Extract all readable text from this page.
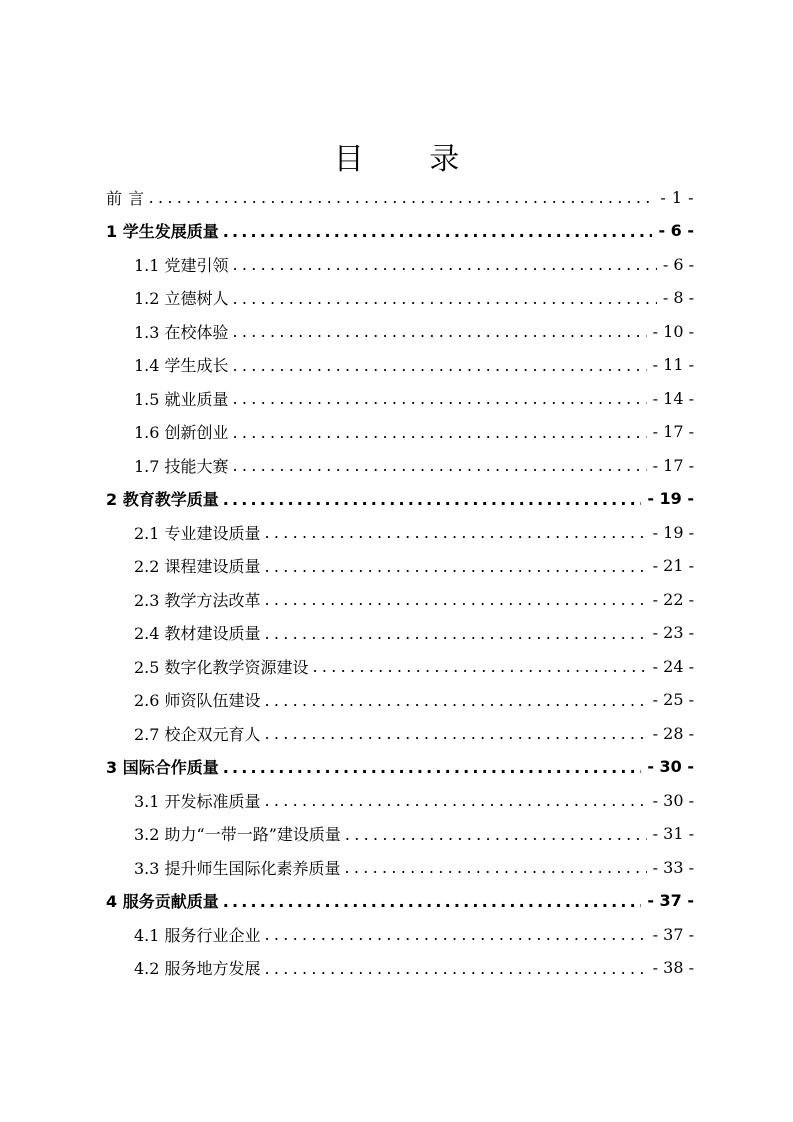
目 录
前 言 . . .	- 1 -
1 学生发展质量 . . .	- 6 -
1.1 党建引领 . . .	- 6 -
1.2 立德树人 . . .	- 8 -
1.3 在校体验 . . .	- 10 -
1.4 学生成长 . . .	- 11 -
1.5 就业质量 . . .	- 14 -
1.6 创新创业 . . .	- 17 -
1.7 技能大赛 . . .	- 17 -
2 教育教学质量 . . .	- 19 -
2.1 专业建设质量 . . .	- 19 -
2.2 课程建设质量 . . .	- 21 -
2.3 教学方法改革 . . .	- 22 -
2.4 教材建设质量 . . .	- 23 -
2.5 数字化教学资源建设 . . .	- 24 -
2.6 师资队伍建设 . . .	- 25 -
2.7 校企双元育人 . . .	- 28 -
3 国际合作质量 . . .	- 30 -
3.1 开发标准质量 . . .	- 30 -
3.2 助力“一带一路”建设质量 . . .	- 31 -
3.3 提升师生国际化素养质量 . . .	- 33 -
4 服务贡献质量 . . .	- 37 -
4.1 服务行业企业 . . .	- 37 -
4.2 服务地方发展 . . .	- 38 -
